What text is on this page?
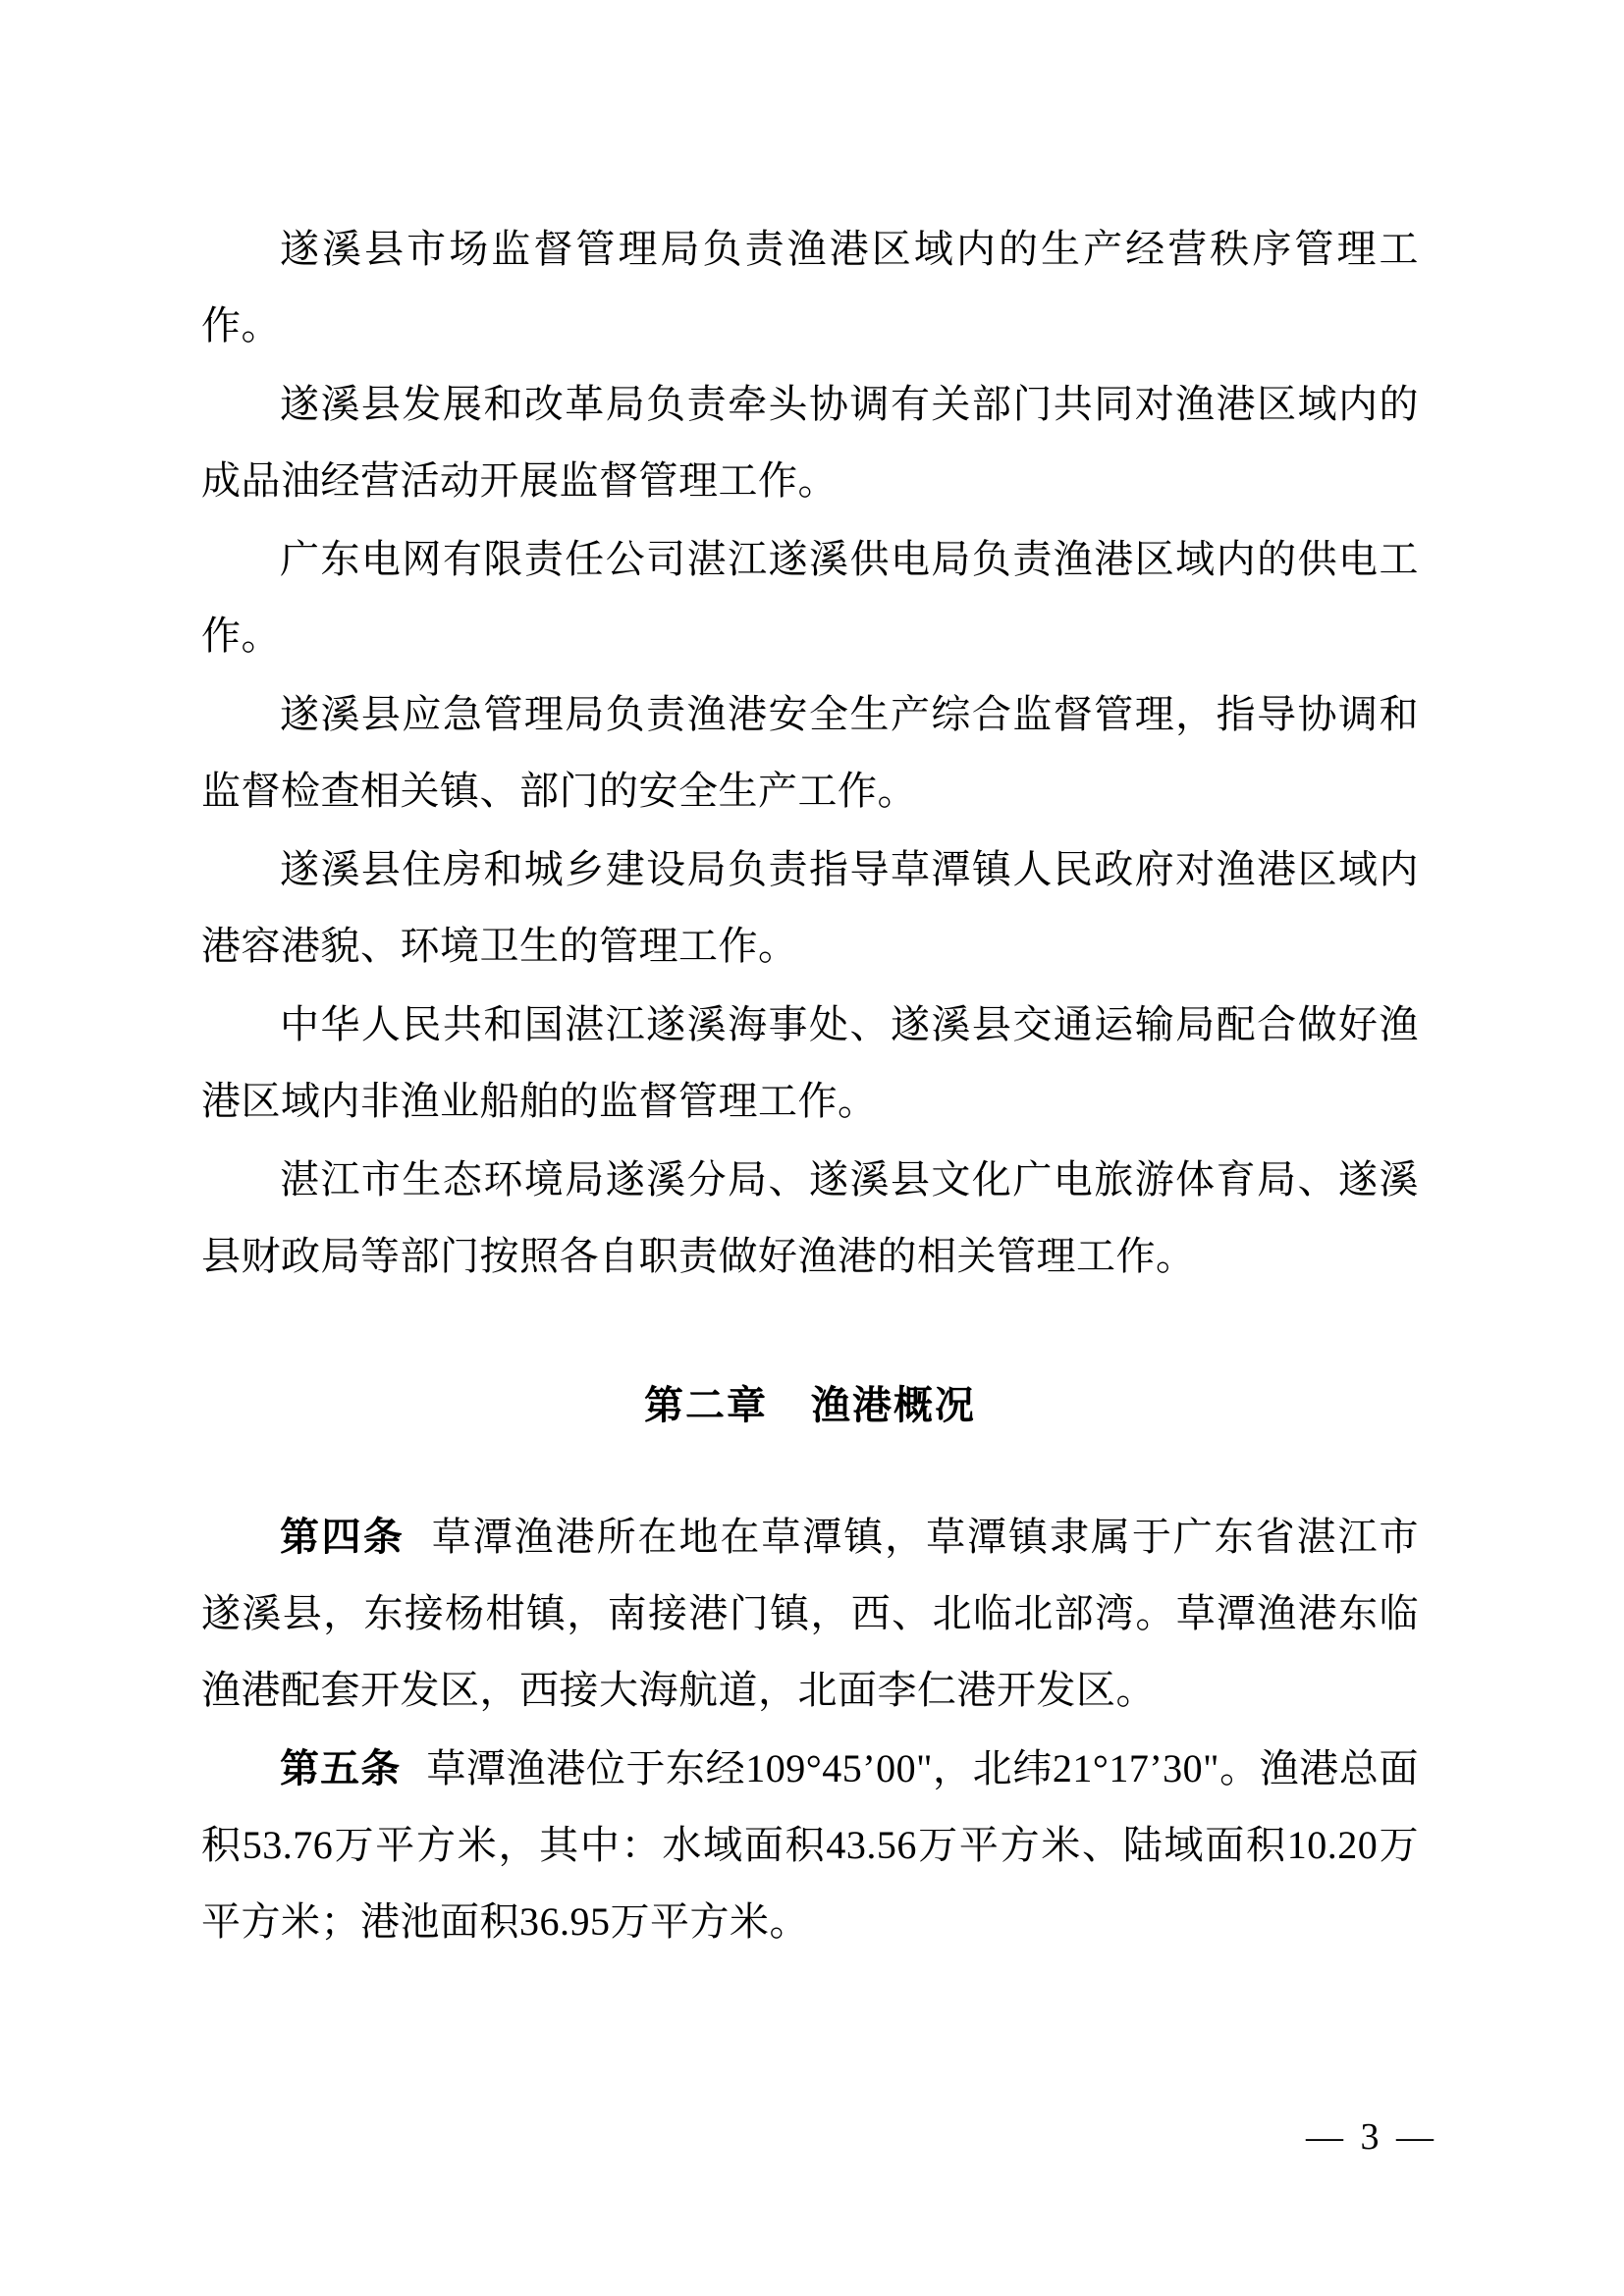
遂溪县市场监督管理局负责渔港区域内的生产经营秩序管理工作。

遂溪县发展和改革局负责牵头协调有关部门共同对渔港区域内的成品油经营活动开展监督管理工作。

广东电网有限责任公司湛江遂溪供电局负责渔港区域内的供电工作。

遂溪县应急管理局负责渔港安全生产综合监督管理，指导协调和监督检查相关镇、部门的安全生产工作。

遂溪县住房和城乡建设局负责指导草潭镇人民政府对渔港区域内港容港貌、环境卫生的管理工作。

中华人民共和国湛江遂溪海事处、遂溪县交通运输局配合做好渔港区域内非渔业船舶的监督管理工作。

湛江市生态环境局遂溪分局、遂溪县文化广电旅游体育局、遂溪县财政局等部门按照各自职责做好渔港的相关管理工作。

第二章 渔港概况

第四条 草潭渔港所在地在草潭镇，草潭镇隶属于广东省湛江市遂溪县，东接杨柑镇，南接港门镇，西、北临北部湾。草潭渔港东临渔港配套开发区，西接大海航道，北面李仁港开发区。

第五条 草潭渔港位于东经109°45’00"，北纬21°17’30"。渔港总面积53.76万平方米，其中：水域面积43.56万平方米、陆域面积10.20万平方米；港池面积36.95万平方米。

— 3 —
